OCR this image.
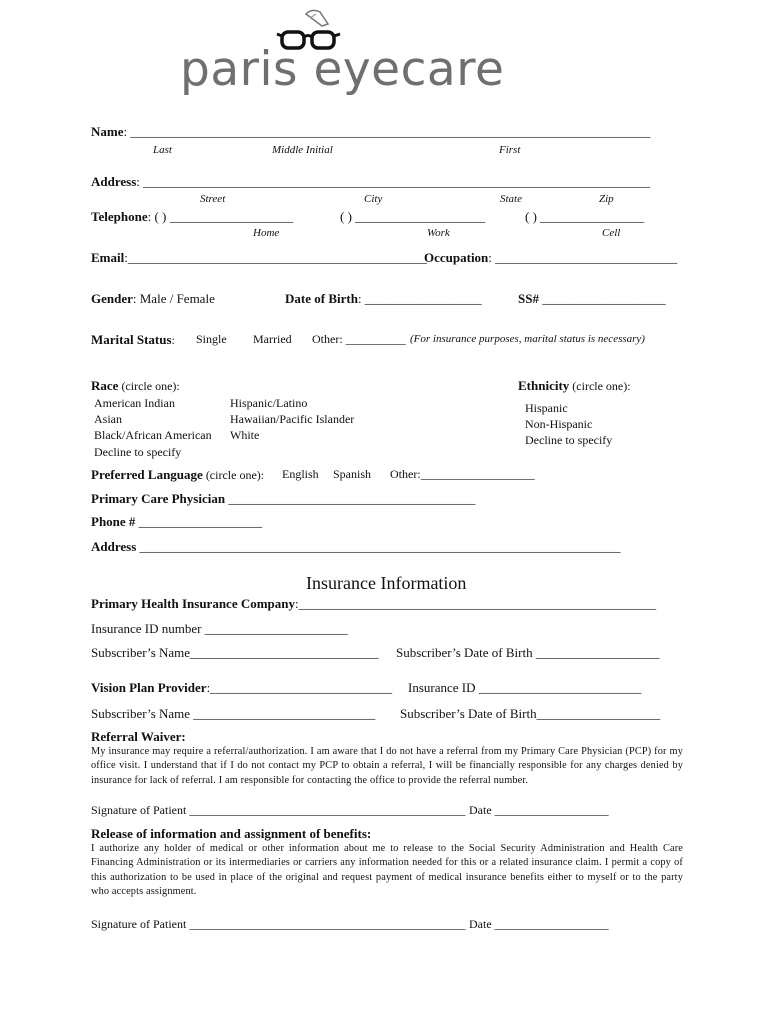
paris eyecare
Name: ________________________________________________________________________________
Last	Middle Initial	First
Address: ______________________________________________________________________________
Street	City	State	Zip
Telephone: ( ) ___________________	( ) ____________________	( ) ________________
Home	Work	Cell
Email:______________________________________________
Occupation: ____________________________
Gender: Male / Female	Date of Birth: __________________	SS# ___________________
Marital Status: Single Married Other: __________ (For insurance purposes, marital status is necessary)
Race (circle one):
American Indian
Asian
Black/African American
Decline to specify
Hispanic/Latino
Hawaiian/Pacific Islander
White
Ethnicity (circle one):
Hispanic
Non-Hispanic
Decline to specify
Preferred Language (circle one): English Spanish Other:___________________
Primary Care Physician ______________________________________
Phone # ___________________
Address __________________________________________________________________________
Insurance Information
Primary Health Insurance Company:_______________________________________________________
Insurance ID number ______________________
Subscriber’s Name_____________________________ Subscriber’s Date of Birth ___________________
Vision Plan Provider:____________________________ Insurance ID _________________________
Subscriber’s Name ____________________________ Subscriber’s Date of Birth___________________
Referral Waiver:
My insurance may require a referral/authorization. I am aware that I do not have a referral from my Primary Care Physician (PCP) for my office visit. I understand that if I do not contact my PCP to obtain a referral, I will be financially responsible for any charges denied by insurance for lack of referral. I am responsible for contacting the office to provide the referral number.
Signature of Patient ______________________________________________ Date ___________________
Release of information and assignment of benefits:
I authorize any holder of medical or other information about me to release to the Social Security Administration and Health Care Financing Administration or its intermediaries or carriers any information needed for this or a related insurance claim. I permit a copy of this authorization to be used in place of the original and request payment of medical insurance benefits either to myself or to the party who accepts assignment.
Signature of Patient ______________________________________________ Date ___________________
